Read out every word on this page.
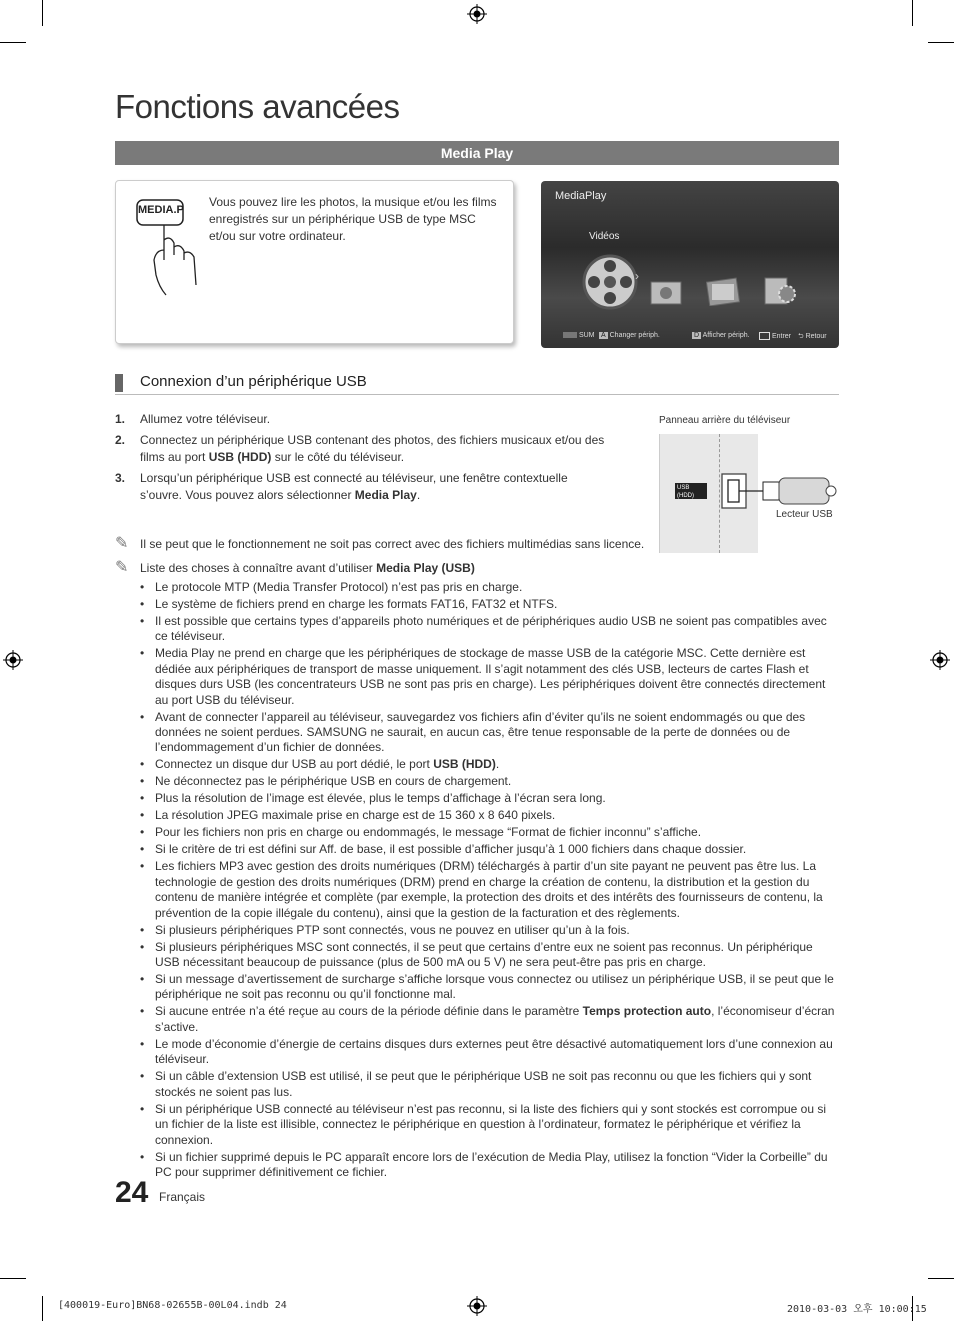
Fonctions avancées
Media Play
MEDIA.P
Vous pouvez lire les photos, la musique et/ou les films enregistrés sur un périphérique USB de type MSC et/ou sur votre ordinateur.
MediaPlay
Vidéos
›
SUM A Changer périph.	D Afficher périph.	Entrer ⮌ Retour
Connexion d’un périphérique USB
1. Allumez votre téléviseur.
2. Connectez un périphérique USB contenant des photos, des fichiers musicaux et/ou des films au port USB (HDD) sur le côté du téléviseur.
3. Lorsqu’un périphérique USB est connecté au téléviseur, une fenêtre contextuelle s’ouvre. Vous pouvez alors sélectionner Media Play.
Panneau arrière du téléviseur
USB (HDD)
Lecteur USB
✎ Il se peut que le fonctionnement ne soit pas correct avec des fichiers multimédias sans licence.
✎ Liste des choses à connaître avant d’utiliser Media Play (USB)
• Le protocole MTP (Media Transfer Protocol) n’est pas pris en charge.
• Le système de fichiers prend en charge les formats FAT16, FAT32 et NTFS.
• Il est possible que certains types d’appareils photo numériques et de périphériques audio USB ne soient pas compatibles avec ce téléviseur.
• Media Play ne prend en charge que les périphériques de stockage de masse USB de la catégorie MSC. Cette dernière est dédiée aux périphériques de transport de masse uniquement. Il s’agit notamment des clés USB, lecteurs de cartes Flash et disques durs USB (les concentrateurs USB ne sont pas pris en charge). Les périphériques doivent être connectés directement au port USB du téléviseur.
• Avant de connecter l’appareil au téléviseur, sauvegardez vos fichiers afin d’éviter qu’ils ne soient endommagés ou que des données ne soient perdues. SAMSUNG ne saurait, en aucun cas, être tenue responsable de la perte de données ou de l’endommagement d’un fichier de données.
• Connectez un disque dur USB au port dédié, le port USB (HDD).
• Ne déconnectez pas le périphérique USB en cours de chargement.
• Plus la résolution de l’image est élevée, plus le temps d’affichage à l’écran sera long.
• La résolution JPEG maximale prise en charge est de 15 360 x 8 640 pixels.
• Pour les fichiers non pris en charge ou endommagés, le message “Format de fichier inconnu” s’affiche.
• Si le critère de tri est défini sur Aff. de base, il est possible d’afficher jusqu’à 1 000 fichiers dans chaque dossier.
• Les fichiers MP3 avec gestion des droits numériques (DRM) téléchargés à partir d’un site payant ne peuvent pas être lus. La technologie de gestion des droits numériques (DRM) prend en charge la création de contenu, la distribution et la gestion du contenu de manière intégrée et complète (par exemple, la protection des droits et des intérêts des fournisseurs de contenu, la prévention de la copie illégale du contenu), ainsi que la gestion de la facturation et des règlements.
• Si plusieurs périphériques PTP sont connectés, vous ne pouvez en utiliser qu’un à la fois.
• Si plusieurs périphériques MSC sont connectés, il se peut que certains d’entre eux ne soient pas reconnus. Un périphérique USB nécessitant beaucoup de puissance (plus de 500 mA ou 5 V) ne sera peut-être pas pris en charge.
• Si un message d’avertissement de surcharge s’affiche lorsque vous connectez ou utilisez un périphérique USB, il se peut que le périphérique ne soit pas reconnu ou qu’il fonctionne mal.
• Si aucune entrée n’a été reçue au cours de la période définie dans le paramètre Temps protection auto, l’économiseur d’écran s’active.
• Le mode d’économie d’énergie de certains disques durs externes peut être désactivé automatiquement lors d’une connexion au téléviseur.
• Si un câble d’extension USB est utilisé, il se peut que le périphérique USB ne soit pas reconnu ou que les fichiers qui y sont stockés ne soient pas lus.
• Si un périphérique USB connecté au téléviseur n’est pas reconnu, si la liste des fichiers qui y sont stockés est corrompue ou si un fichier de la liste est illisible, connectez le périphérique en question à l’ordinateur, formatez le périphérique et vérifiez la connexion.
• Si un fichier supprimé depuis le PC apparaît encore lors de l’exécution de Media Play, utilisez la fonction “Vider la Corbeille” du PC pour supprimer définitivement ce fichier.
24 Français
[400019-Euro]BN68-02655B-00L04.indb 24	2010-03-03 오후 10:00:15
